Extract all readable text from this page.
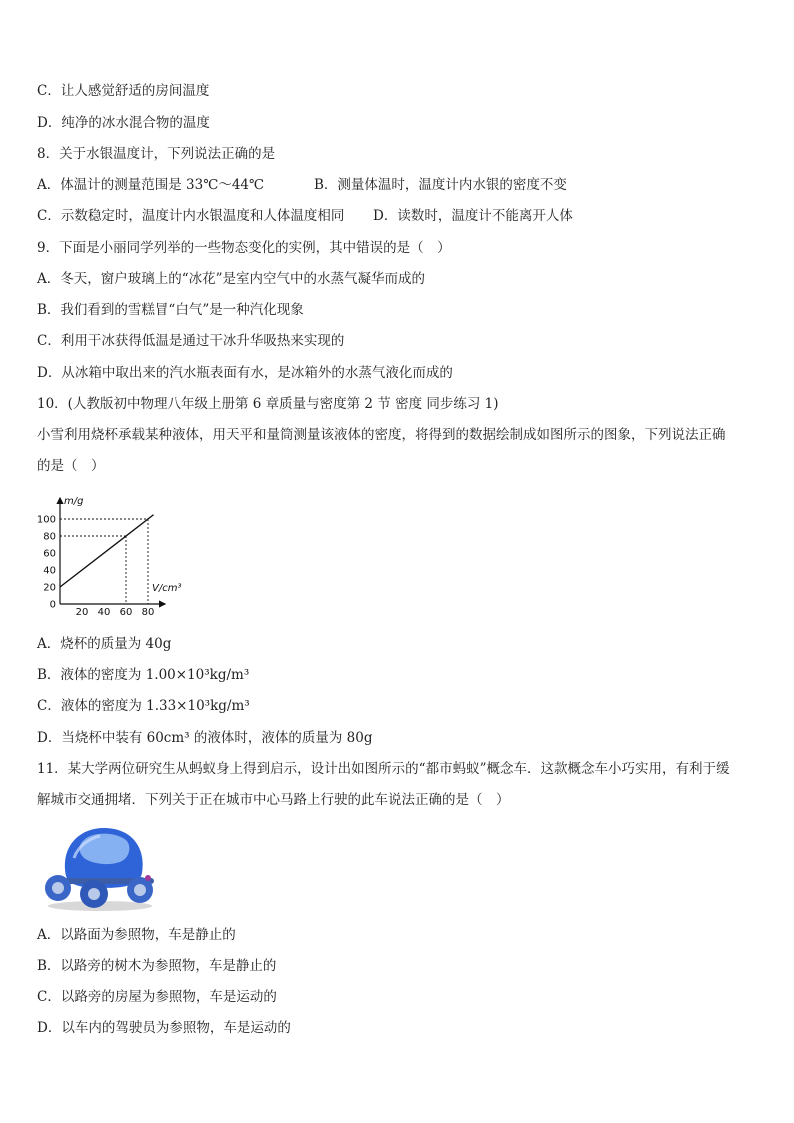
C．让人感觉舒适的房间温度
D．纯净的冰水混合物的温度
8．关于水银温度计，下列说法正确的是
A．体温计的测量范围是 33℃～44℃	B．测量体温时，温度计内水银的密度不变
C．示数稳定时，温度计内水银温度和人体温度相同 D．读数时，温度计不能离开人体
9．下面是小丽同学列举的一些物态变化的实例，其中错误的是（　）
A．冬天，窗户玻璃上的“冰花”是室内空气中的水蒸气凝华而成的
B．我们看到的雪糕冒“白气”是一种汽化现象
C．利用干冰获得低温是通过干冰升华吸热来实现的
D．从冰箱中取出来的汽水瓶表面有水，是冰箱外的水蒸气液化而成的
10．(人教版初中物理八年级上册第 6 章质量与密度第 2 节 密度 同步练习 1)
小雪利用烧杯承载某种液体，用天平和量筒测量该液体的密度，将得到的数据绘制成如图所示的图象，下列说法正确
的是（　）
0
20
40
60
80
100
20 40 60 80
m/g
V/cm³
A．烧杯的质量为 40g
B．液体的密度为 1.00×10³kg/m³
C．液体的密度为 1.33×10³kg/m³
D．当烧杯中装有 60cm³ 的液体时，液体的质量为 80g
11．某大学两位研究生从蚂蚁身上得到启示，设计出如图所示的“都市蚂蚁”概念车．这款概念车小巧实用，有利于缓
解城市交通拥堵．下列关于正在城市中心马路上行驶的此车说法正确的是（　）
A．以路面为参照物，车是静止的
B．以路旁的树木为参照物，车是静止的
C．以路旁的房屋为参照物，车是运动的
D．以车内的驾驶员为参照物，车是运动的
